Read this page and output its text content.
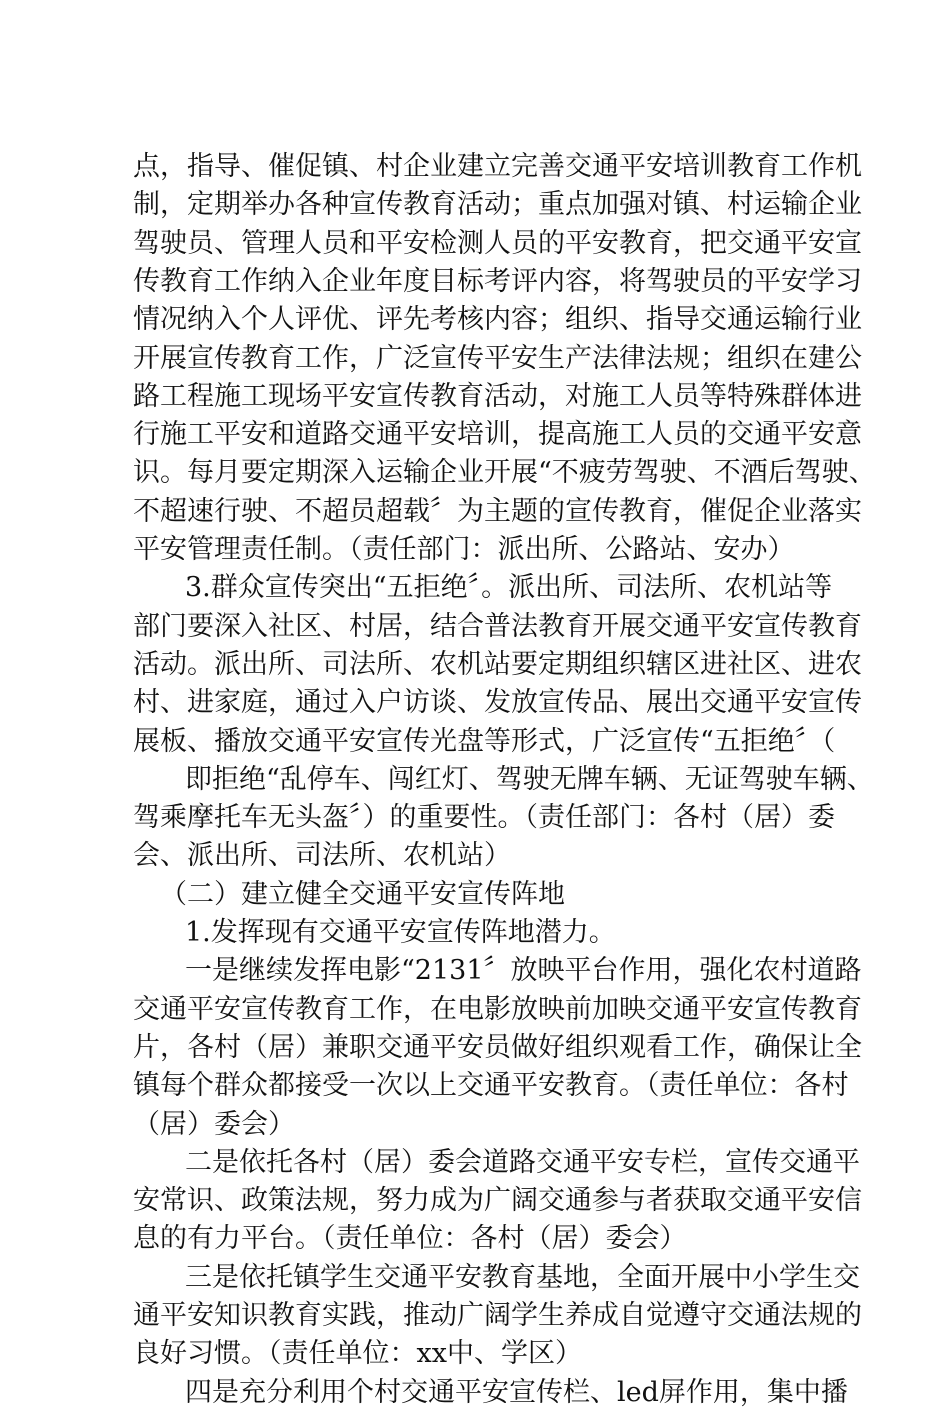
点，指导、催促镇、村企业建立完善交通平安培训教育工作机
制，定期举办各种宣传教育活动；重点加强对镇、村运输企业
驾驶员、管理人员和平安检测人员的平安教育，把交通平安宣
传教育工作纳入企业年度目标考评内容，将驾驶员的平安学习
情况纳入个人评优、评先考核内容；组织、指导交通运输行业
开展宣传教育工作，广泛宣传平安生产法律法规；组织在建公
路工程施工现场平安宣传教育活动，对施工人员等特殊群体进
行施工平安和道路交通平安培训，提高施工人员的交通平安意
识。每月要定期深入运输企业开展“不疲劳驾驶、不酒后驾驶、
不超速行驶、不超员超载〞为主题的宣传教育，催促企业落实
平安管理责任制。（责任部门：派出所、公路站、安办）
3.群众宣传突出“五拒绝〞。派出所、司法所、农机站等
部门要深入社区、村居，结合普法教育开展交通平安宣传教育
活动。派出所、司法所、农机站要定期组织辖区进社区、进农
村、进家庭，通过入户访谈、发放宣传品、展出交通平安宣传
展板、播放交通平安宣传光盘等形式，广泛宣传“五拒绝〞（
即拒绝“乱停车、闯红灯、驾驶无牌车辆、无证驾驶车辆、
驾乘摩托车无头盔〞）的重要性。（责任部门：各村（居）委
会、派出所、司法所、农机站）
（二）建立健全交通平安宣传阵地
1.发挥现有交通平安宣传阵地潜力。
一是继续发挥电影“2131〞放映平台作用，强化农村道路
交通平安宣传教育工作，在电影放映前加映交通平安宣传教育
片，各村（居）兼职交通平安员做好组织观看工作，确保让全
镇每个群众都接受一次以上交通平安教育。（责任单位：各村
（居）委会）
二是依托各村（居）委会道路交通平安专栏，宣传交通平
安常识、政策法规，努力成为广阔交通参与者获取交通平安信
息的有力平台。（责任单位：各村（居）委会）
三是依托镇学生交通平安教育基地，全面开展中小学生交
通平安知识教育实践，推动广阔学生养成自觉遵守交通法规的
良好习惯。（责任单位：xx中、学区）
四是充分利用个村交通平安宣传栏、led屏作用，集中播
